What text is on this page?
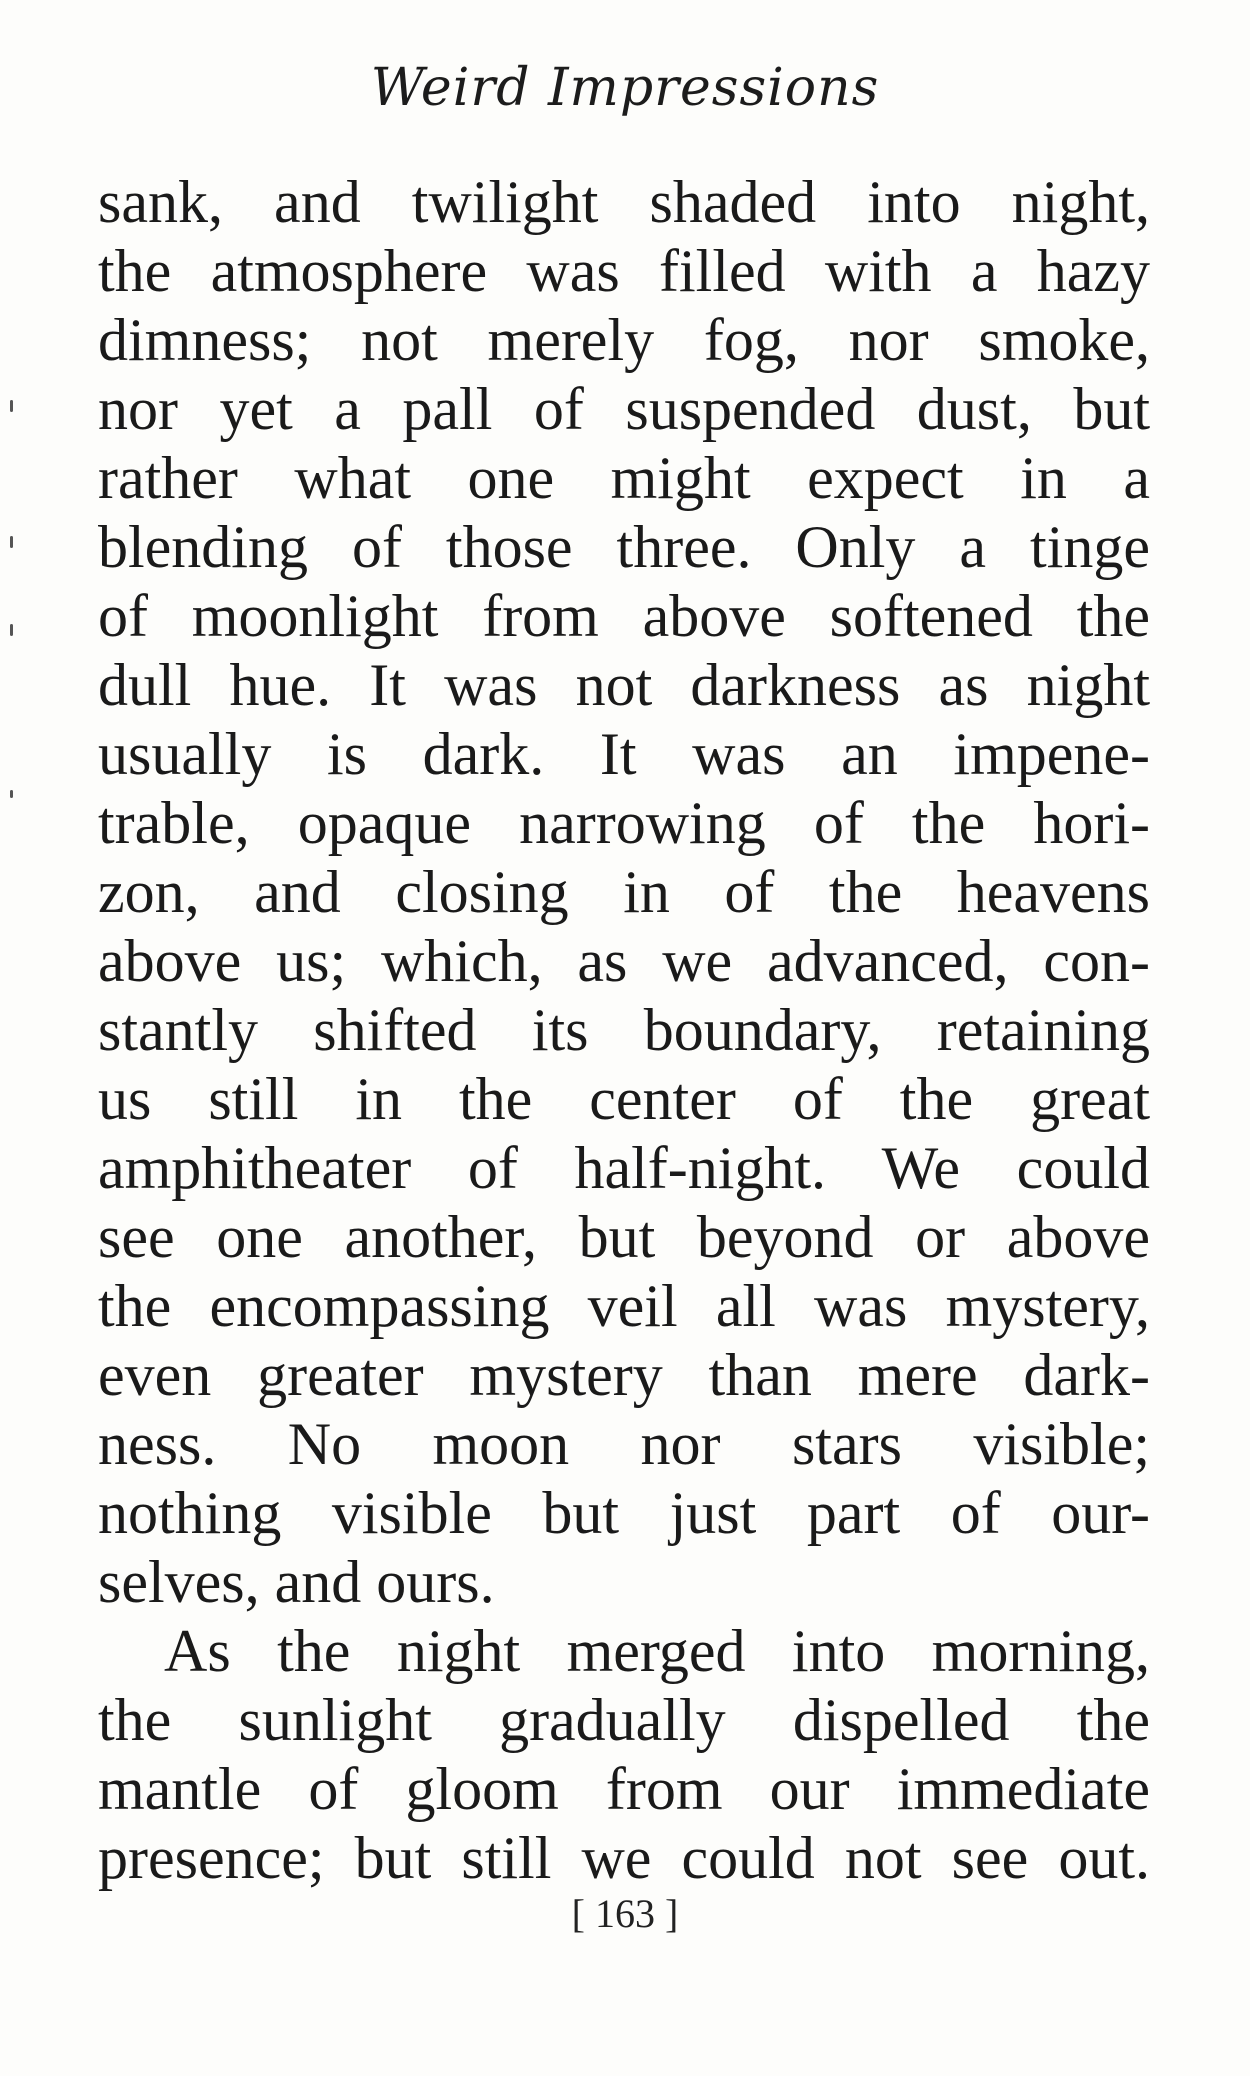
Weird Impressions
sank, and twilight shaded into night,
the atmosphere was filled with a hazy
dimness; not merely fog, nor smoke,
nor yet a pall of suspended dust, but
rather what one might expect in a
blending of those three. Only a tinge
of moonlight from above softened the
dull hue. It was not darkness as night
usually is dark. It was an impene-
trable, opaque narrowing of the hori-
zon, and closing in of the heavens
above us; which, as we advanced, con-
stantly shifted its boundary, retaining
us still in the center of the great
amphitheater of half-night. We could
see one another, but beyond or above
the encompassing veil all was mystery,
even greater mystery than mere dark-
ness. No moon nor stars visible;
nothing visible but just part of our-
selves, and ours.
As the night merged into morning,
the sunlight gradually dispelled the
mantle of gloom from our immediate
presence; but still we could not see out.
[ 163 ]
